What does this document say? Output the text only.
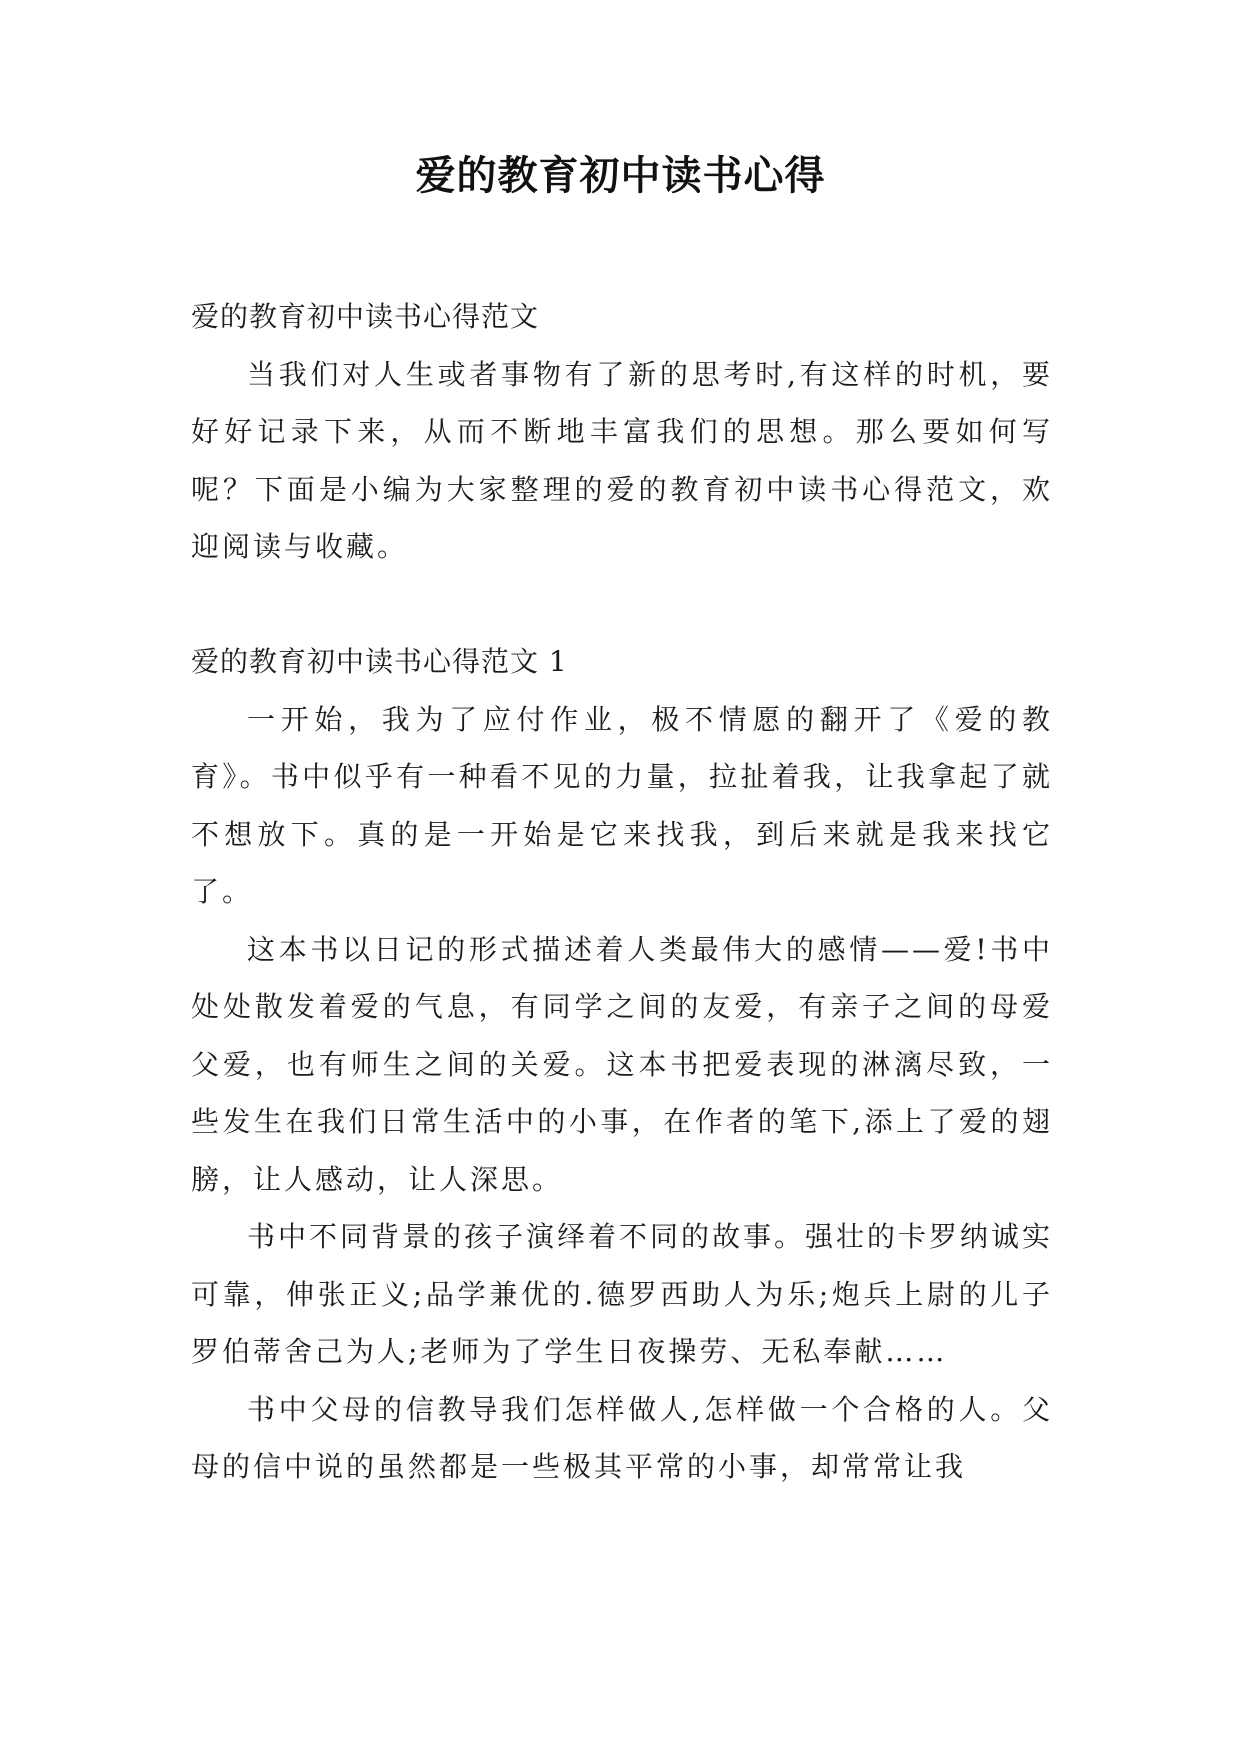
爱的教育初中读书心得

爱的教育初中读书心得范文

当我们对人生或者事物有了新的思考时,有这样的时机，要好好记录下来，从而不断地丰富我们的思想。那么要如何写呢？下面是小编为大家整理的爱的教育初中读书心得范文，欢迎阅读与收藏。

爱的教育初中读书心得范文 1

一开始，我为了应付作业，极不情愿的翻开了《爱的教育》。书中似乎有一种看不见的力量，拉扯着我，让我拿起了就不想放下。真的是一开始是它来找我，到后来就是我来找它了。

这本书以日记的形式描述着人类最伟大的感情——爱!书中处处散发着爱的气息，有同学之间的友爱，有亲子之间的母爱父爱，也有师生之间的关爱。这本书把爱表现的淋漓尽致，一些发生在我们日常生活中的小事，在作者的笔下,添上了爱的翅膀，让人感动，让人深思。

书中不同背景的孩子演绎着不同的故事。强壮的卡罗纳诚实可靠，伸张正义;品学兼优的.德罗西助人为乐;炮兵上尉的儿子罗伯蒂舍己为人;老师为了学生日夜操劳、无私奉献……

书中父母的信教导我们怎样做人,怎样做一个合格的人。父母的信中说的虽然都是一些极其平常的小事，却常常让我
